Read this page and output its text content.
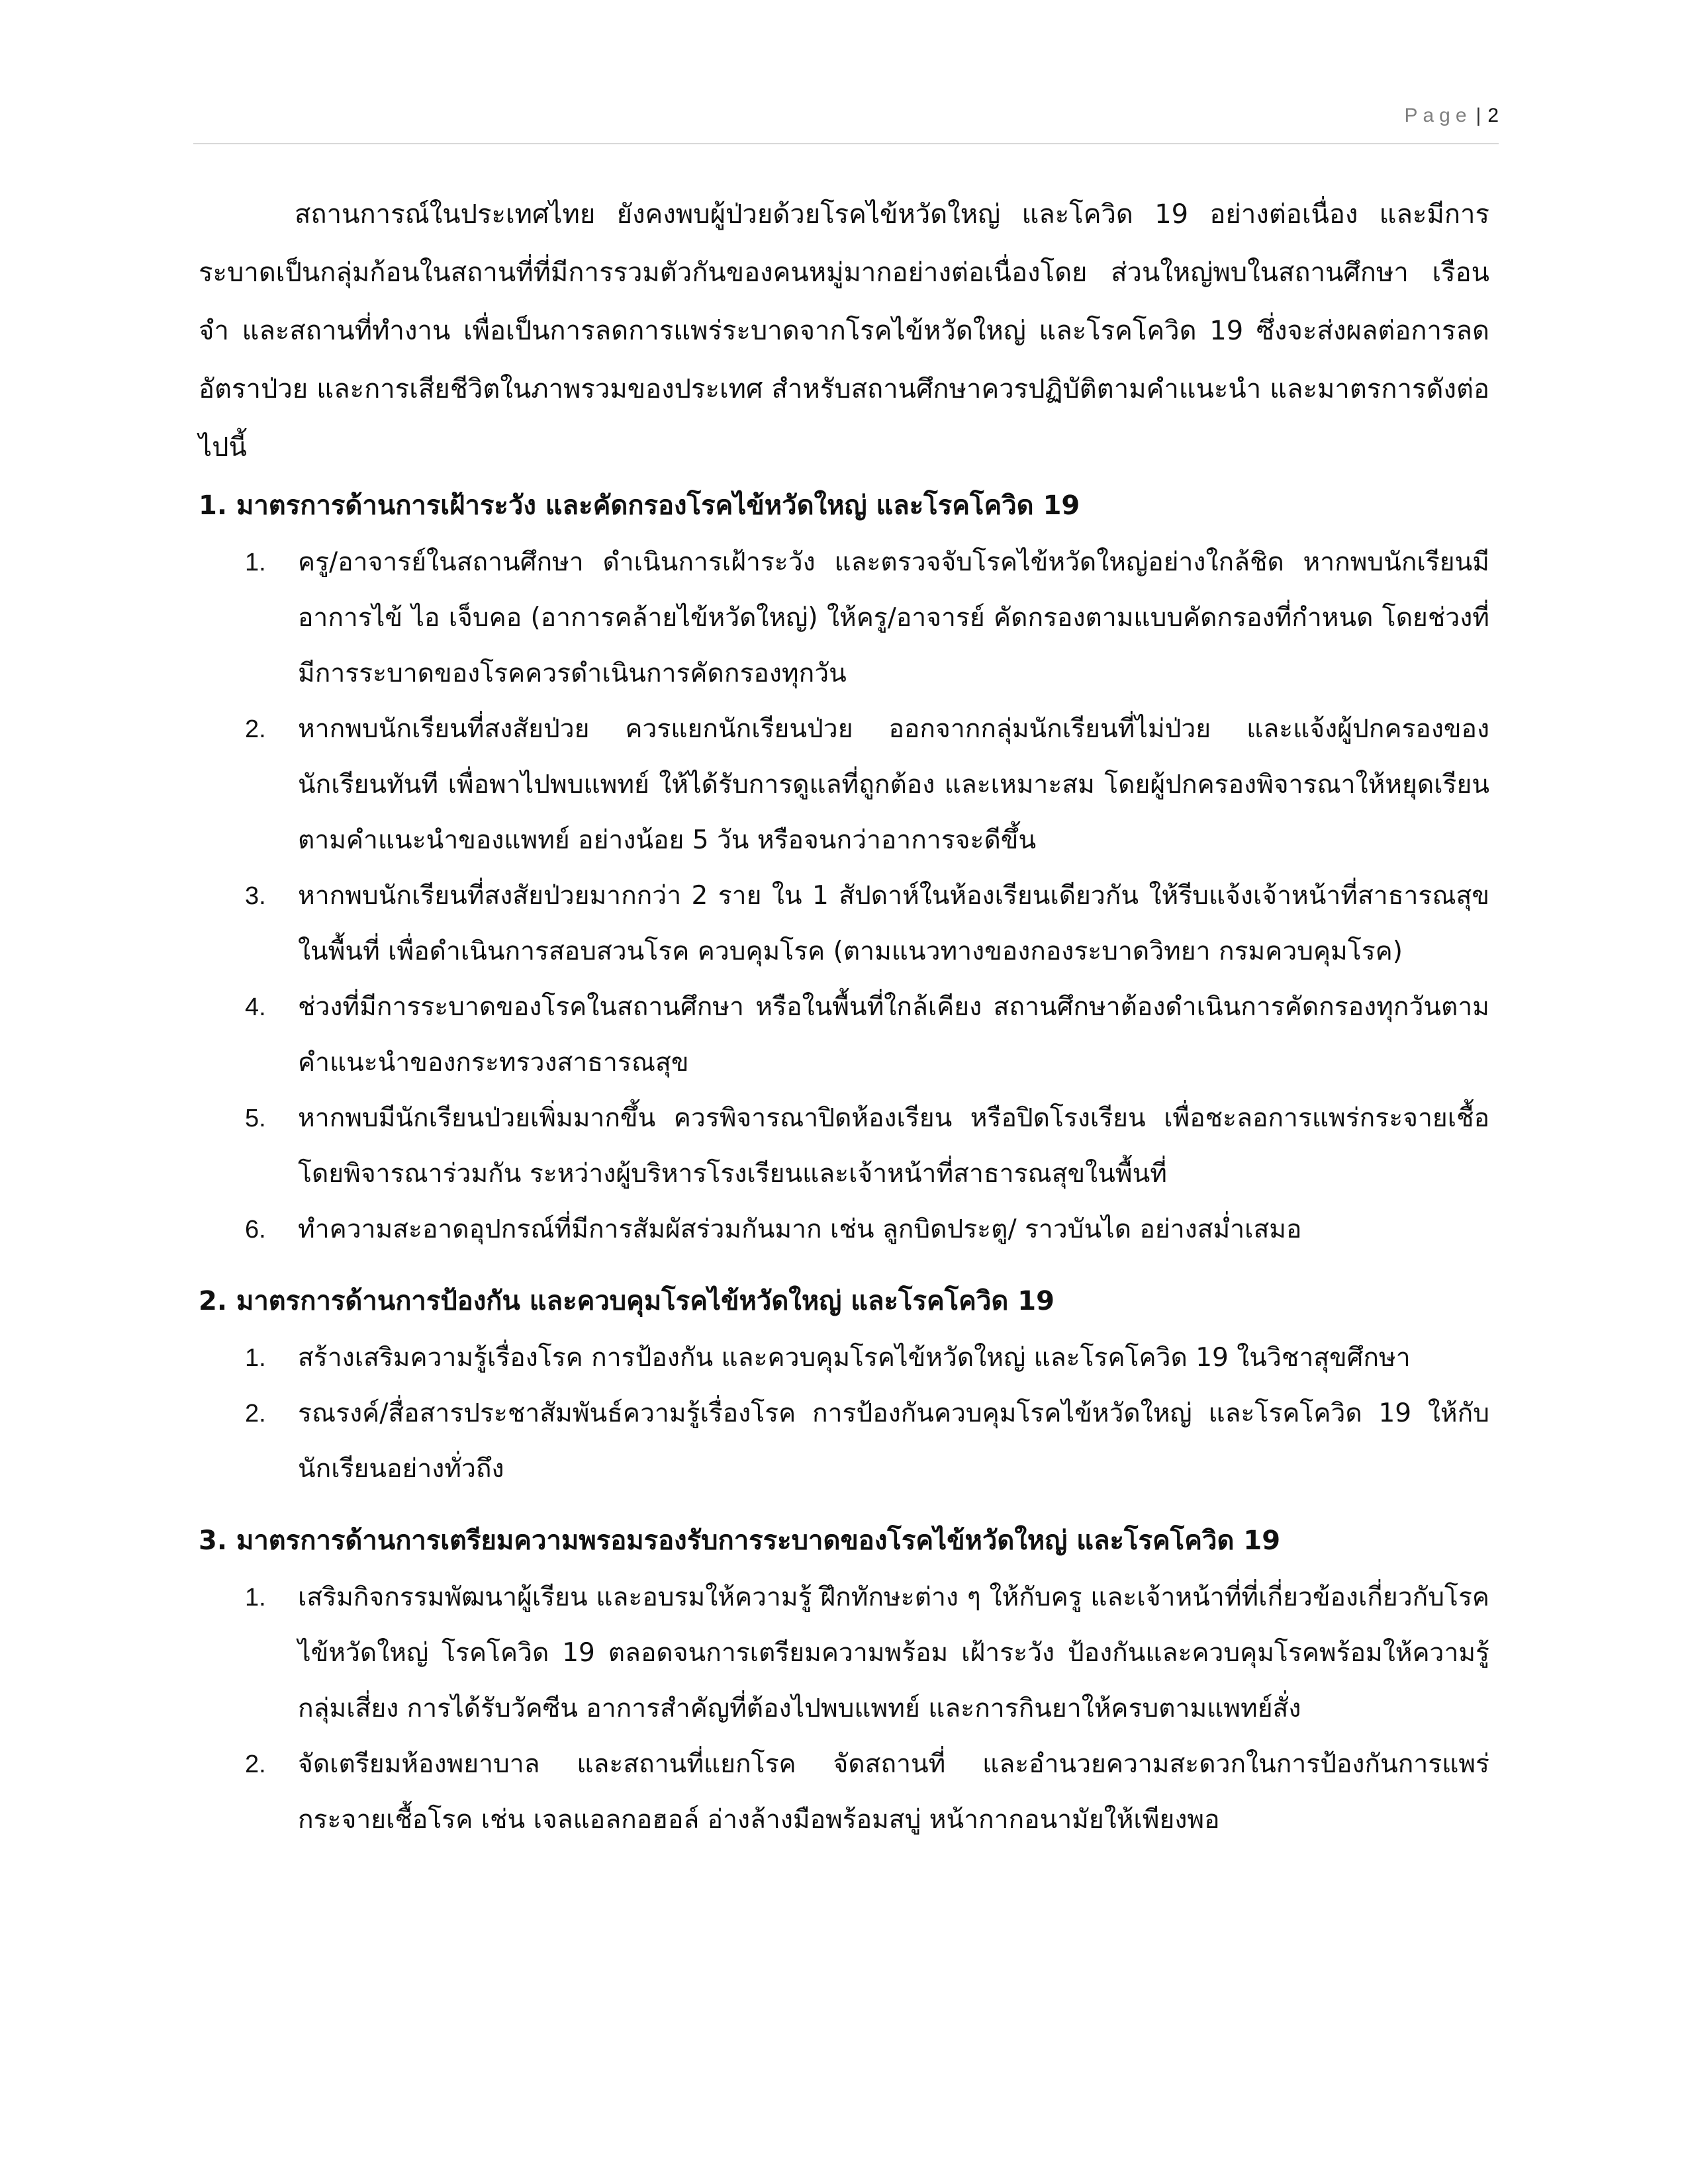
Page | 2

สถานการณ์ในประเทศไทย ยังคงพบผู้ป่วยด้วยโรคไข้หวัดใหญ่ และโควิด 19 อย่างต่อเนื่อง และมีการระบาดเป็นกลุ่มก้อนในสถานที่ที่มีการรวมตัวกันของคนหมู่มากอย่างต่อเนื่องโดย ส่วนใหญ่พบในสถานศึกษา เรือนจำ และสถานที่ทำงาน เพื่อเป็นการลดการแพร่ระบาดจากโรคไข้หวัดใหญ่ และโรคโควิด 19 ซึ่งจะส่งผลต่อการลดอัตราป่วย และการเสียชีวิตในภาพรวมของประเทศ สำหรับสถานศึกษาควรปฏิบัติตามคำแนะนำ และมาตรการดังต่อไปนี้

1. มาตรการด้านการเฝ้าระวัง และคัดกรองโรคไข้หวัดใหญ่ และโรคโควิด 19

1.	ครู/อาจารย์ในสถานศึกษา ดำเนินการเฝ้าระวัง และตรวจจับโรคไข้หวัดใหญ่อย่างใกล้ชิด หากพบนักเรียนมีอาการไข้ ไอ เจ็บคอ (อาการคล้ายไข้หวัดใหญ่) ให้ครู/อาจารย์ คัดกรองตามแบบคัดกรองที่กำหนด โดยช่วงที่มีการระบาดของโรคควรดำเนินการคัดกรองทุกวัน
2.	หากพบนักเรียนที่สงสัยป่วย ควรแยกนักเรียนป่วย ออกจากกลุ่มนักเรียนที่ไม่ป่วย และแจ้งผู้ปกครองของนักเรียนทันที เพื่อพาไปพบแพทย์ ให้ได้รับการดูแลที่ถูกต้อง และเหมาะสม โดยผู้ปกครองพิจารณาให้หยุดเรียนตามคำแนะนำของแพทย์ อย่างน้อย 5 วัน หรือจนกว่าอาการจะดีขึ้น
3.	หากพบนักเรียนที่สงสัยป่วยมากกว่า 2 ราย ใน 1 สัปดาห์ในห้องเรียนเดียวกัน ให้รีบแจ้งเจ้าหน้าที่สาธารณสุขในพื้นที่ เพื่อดำเนินการสอบสวนโรค ควบคุมโรค (ตามแนวทางของกองระบาดวิทยา กรมควบคุมโรค)
4.	ช่วงที่มีการระบาดของโรคในสถานศึกษา หรือในพื้นที่ใกล้เคียง สถานศึกษาต้องดำเนินการคัดกรองทุกวันตามคำแนะนำของกระทรวงสาธารณสุข
5.	หากพบมีนักเรียนป่วยเพิ่มมากขึ้น ควรพิจารณาปิดห้องเรียน หรือปิดโรงเรียน เพื่อชะลอการแพร่กระจายเชื้อโดยพิจารณาร่วมกัน ระหว่างผู้บริหารโรงเรียนและเจ้าหน้าที่สาธารณสุขในพื้นที่
6.	ทำความสะอาดอุปกรณ์ที่มีการสัมผัสร่วมกันมาก เช่น ลูกบิดประตู/ ราวบันได อย่างสม่ำเสมอ

2. มาตรการด้านการป้องกัน และควบคุมโรคไข้หวัดใหญ่ และโรคโควิด 19

1.	สร้างเสริมความรู้เรื่องโรค การป้องกัน และควบคุมโรคไข้หวัดใหญ่ และโรคโควิด 19 ในวิชาสุขศึกษา
2.	รณรงค์/สื่อสารประชาสัมพันธ์ความรู้เรื่องโรค การป้องกันควบคุมโรคไข้หวัดใหญ่ และโรคโควิด 19 ให้กับนักเรียนอย่างทั่วถึง

3. มาตรการด้านการเตรียมความพรอมรองรับการระบาดของโรคไข้หวัดใหญ่ และโรคโควิด 19

1.	เสริมกิจกรรมพัฒนาผู้เรียน และอบรมให้ความรู้ ฝึกทักษะต่าง ๆ ให้กับครู และเจ้าหน้าที่ที่เกี่ยวข้องเกี่ยวกับโรคไข้หวัดใหญ่ โรคโควิด 19 ตลอดจนการเตรียมความพร้อม เฝ้าระวัง ป้องกันและควบคุมโรคพร้อมให้ความรู้กลุ่มเสี่ยง การได้รับวัคซีน อาการสำคัญที่ต้องไปพบแพทย์ และการกินยาให้ครบตามแพทย์สั่ง
2.	จัดเตรียมห้องพยาบาล และสถานที่แยกโรค จัดสถานที่ และอำนวยความสะดวกในการป้องกันการแพร่กระจายเชื้อโรค เช่น เจลแอลกอฮอล์ อ่างล้างมือพร้อมสบู่ หน้ากากอนามัยให้เพียงพอ
